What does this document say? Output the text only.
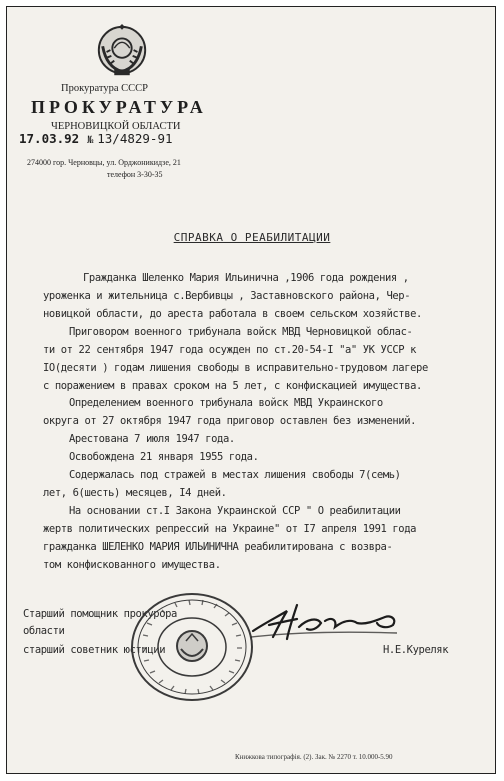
Прокуратура СССР
ПРОКУРАТУРА
ЧЕРНОВИЦКОЙ ОБЛАСТИ
17.03.92 № 13/4829-91
274000 гор. Черновцы, ул. Орджоникидзе, 21
телефон 3-30-35
СПРАВКА О РЕАБИЛИТАЦИИ
Гражданка Шеленко Мария Ильинична ,1906 года рождения ,
уроженка и жительница с.Вербивцы , Заставновского района, Чер-
новицкой области, до ареста работала в своем сельском хозяйстве.
Приговором военного трибунала войск МВД Черновицкой облас-
ти от 22 сентября 1947 года осужден по ст.20-54-I "а" УК УССР к
IO(десяти ) годам лишения свободы в исправительно-трудовом лагере
с поражением в правах сроком на 5 лет, с конфискацией имущества.
Определением военного трибунала войск МВД Украинского
округа от 27 октября 1947 года приговор оставлен без изменений.
Арестована 7 июля 1947 года.
Освобождена 21 января 1955 года.
Содержалась под стражей в местах лишения свободы 7(семь)
лет, 6(шесть) месяцев, I4 дней.
На основании ст.I Закона Украинской ССР " О реабилитации
жертв политических репрессий на Украине" от I7 апреля 1991 года
гражданка ШЕЛЕНКО МАРИЯ ИЛЬИНИЧНА реабилитирована с возвра-
том конфискованного имущества.
Старший помощник прокурора
области
старший советник юстиции	Н.Е.Куреляк
Книжкова типографія. (2). Зак. № 2270 т. 10.000-5.90
